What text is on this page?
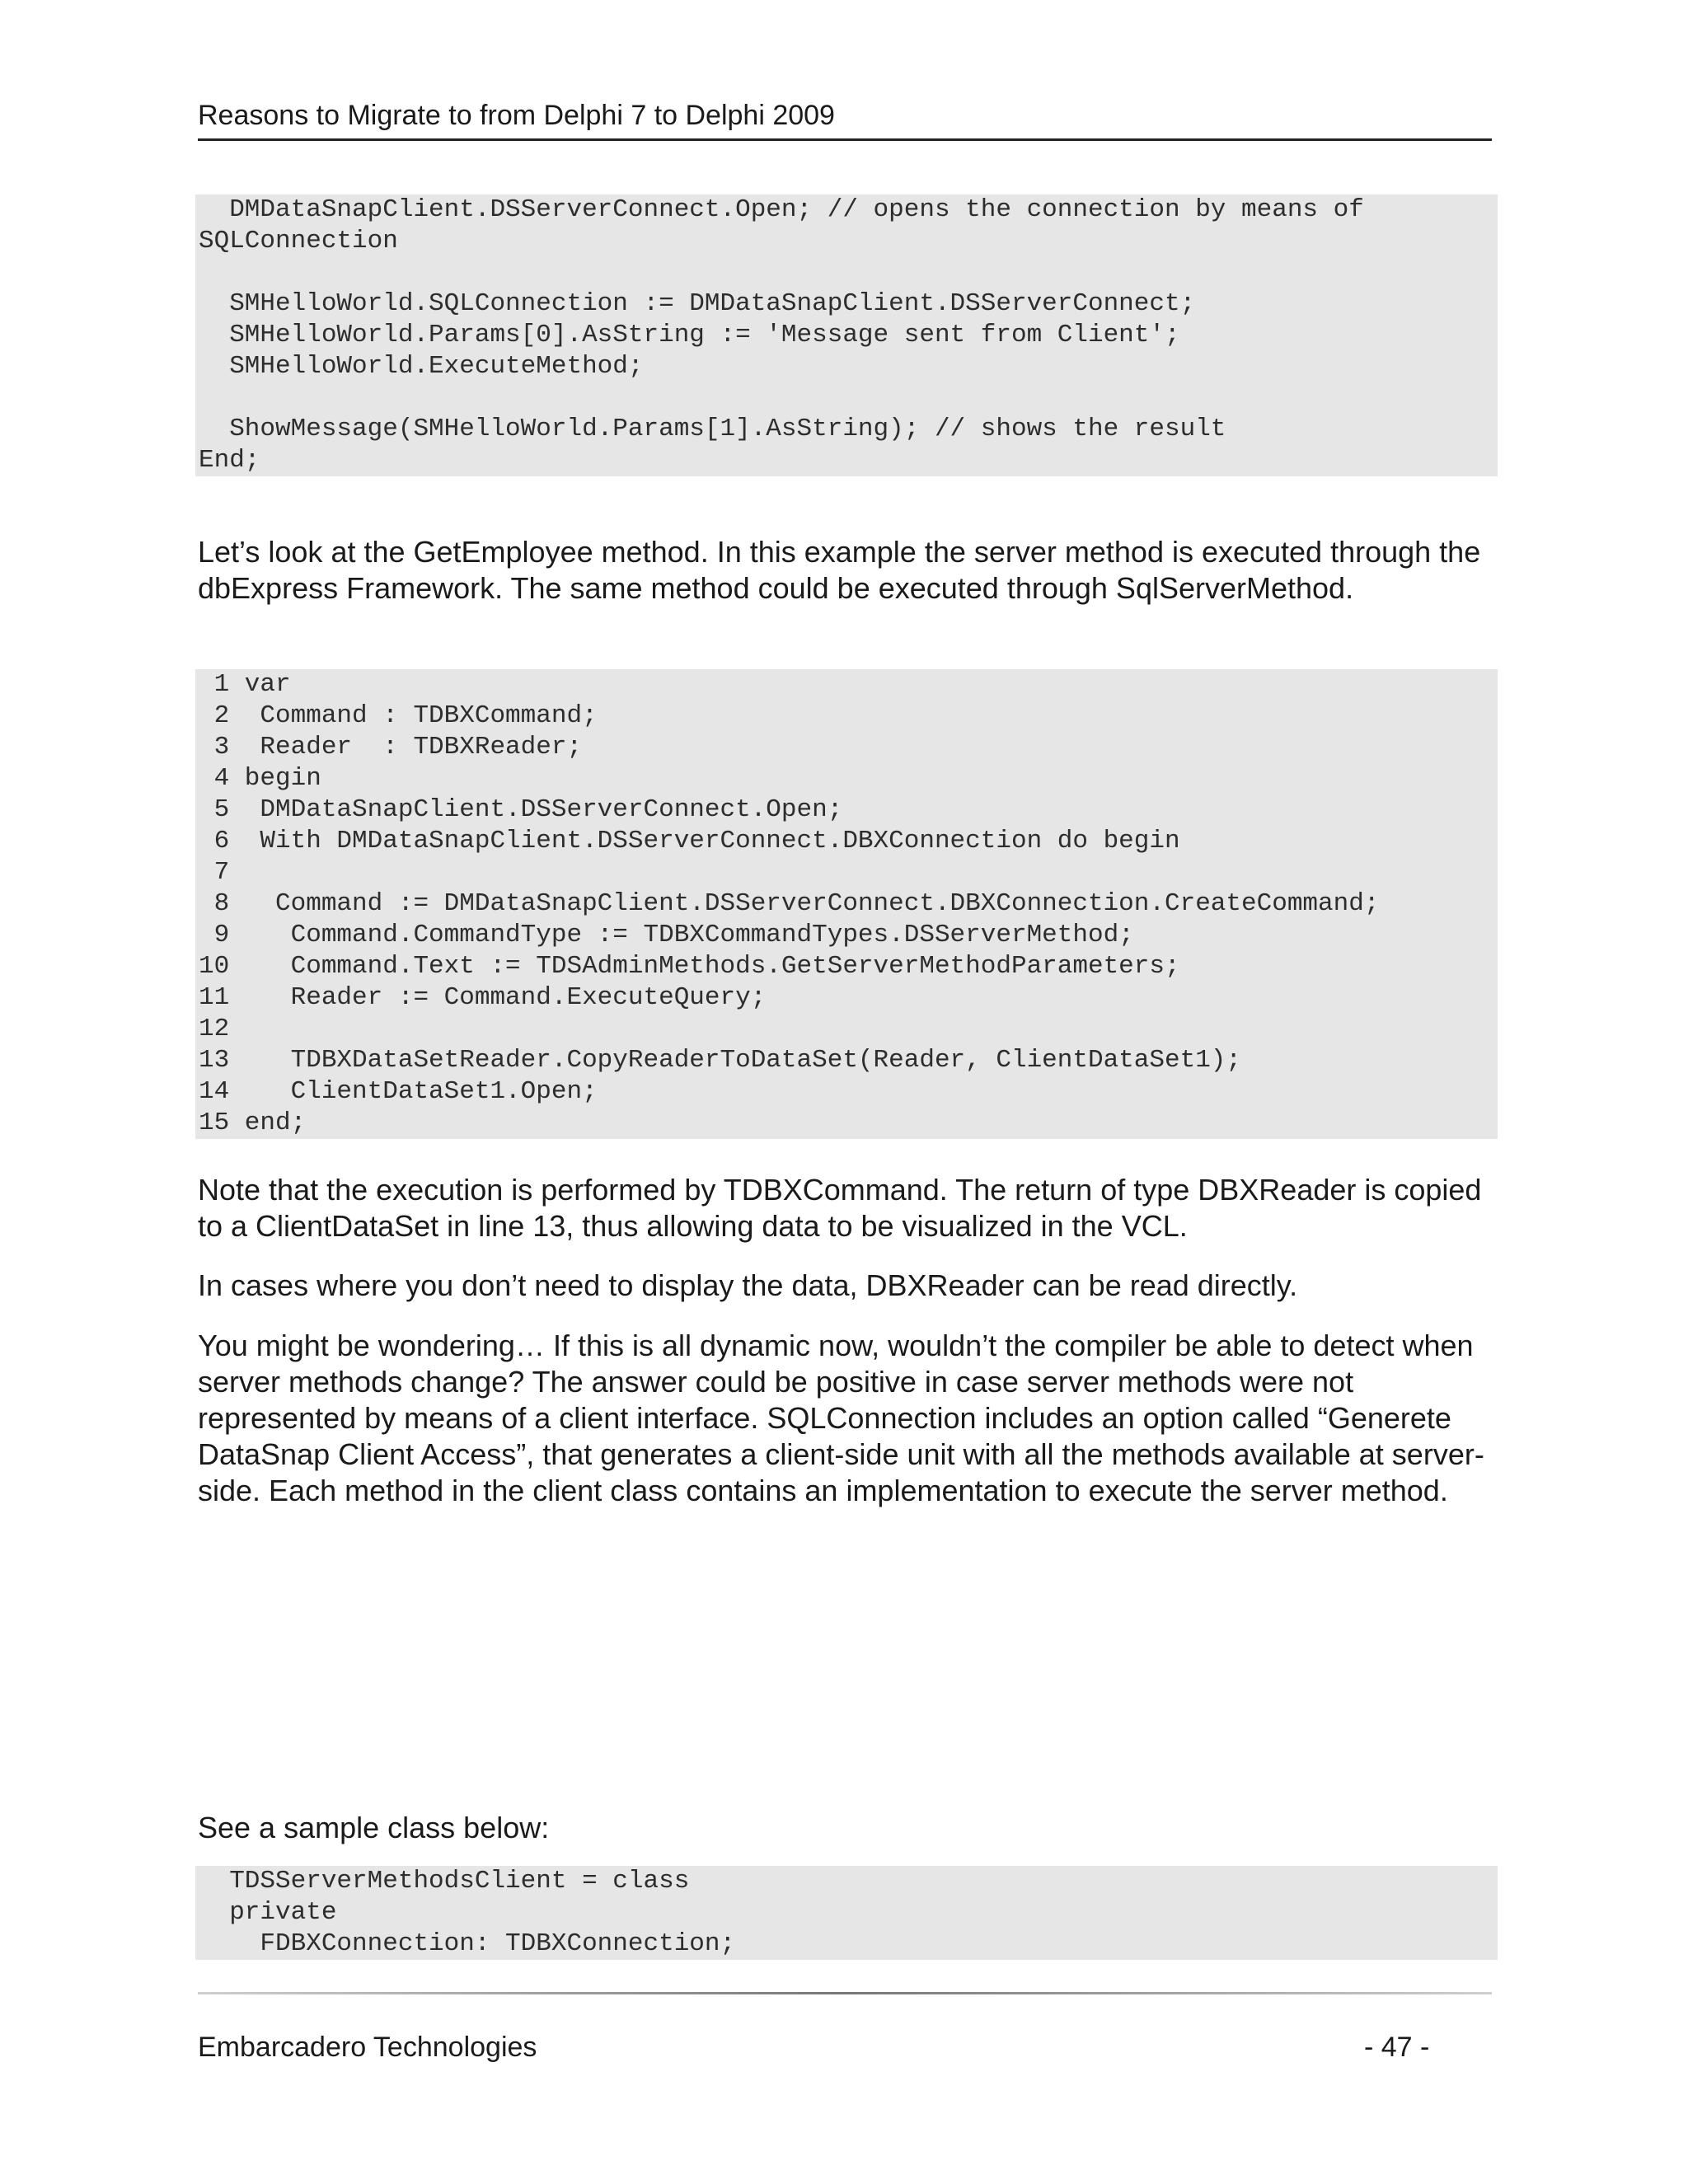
Reasons to Migrate to from Delphi 7 to Delphi 2009
DMDataSnapClient.DSServerConnect.Open; // opens the connection by means of
SQLConnection
SMHelloWorld.SQLConnection := DMDataSnapClient.DSServerConnect;
SMHelloWorld.Params[0].AsString := 'Message sent from Client';
SMHelloWorld.ExecuteMethod;
ShowMessage(SMHelloWorld.Params[1].AsString); // shows the result
End;
Let’s look at the GetEmployee method. In this example the server method is executed through the dbExpress Framework. The same method could be executed through SqlServerMethod.
1 var
2  Command : TDBXCommand;
3  Reader  : TDBXReader;
4 begin
5  DMDataSnapClient.DSServerConnect.Open;
6  With DMDataSnapClient.DSServerConnect.DBXConnection do begin
7
8   Command := DMDataSnapClient.DSServerConnect.DBXConnection.CreateCommand;
9    Command.CommandType := TDBXCommandTypes.DSServerMethod;
10    Command.Text := TDSAdminMethods.GetServerMethodParameters;
11    Reader := Command.ExecuteQuery;
12
13    TDBXDataSetReader.CopyReaderToDataSet(Reader, ClientDataSet1);
14    ClientDataSet1.Open;
15 end;
Note that the execution is performed by TDBXCommand. The return of type DBXReader is copied to a ClientDataSet in line 13, thus allowing data to be visualized in the VCL.
In cases where you don’t need to display the data, DBXReader can be read directly.
You might be wondering… If this is all dynamic now, wouldn’t the compiler be able to detect when server methods change? The answer could be positive in case server methods were not represented by means of a client interface. SQLConnection includes an option called “Generete DataSnap Client Access”, that generates a client-side unit with all the methods available at server-side. Each method in the client class contains an implementation to execute the server method.
See a sample class below:
TDSServerMethodsClient = class
private
FDBXConnection: TDBXConnection;
Embarcadero Technologies	- 47 -
